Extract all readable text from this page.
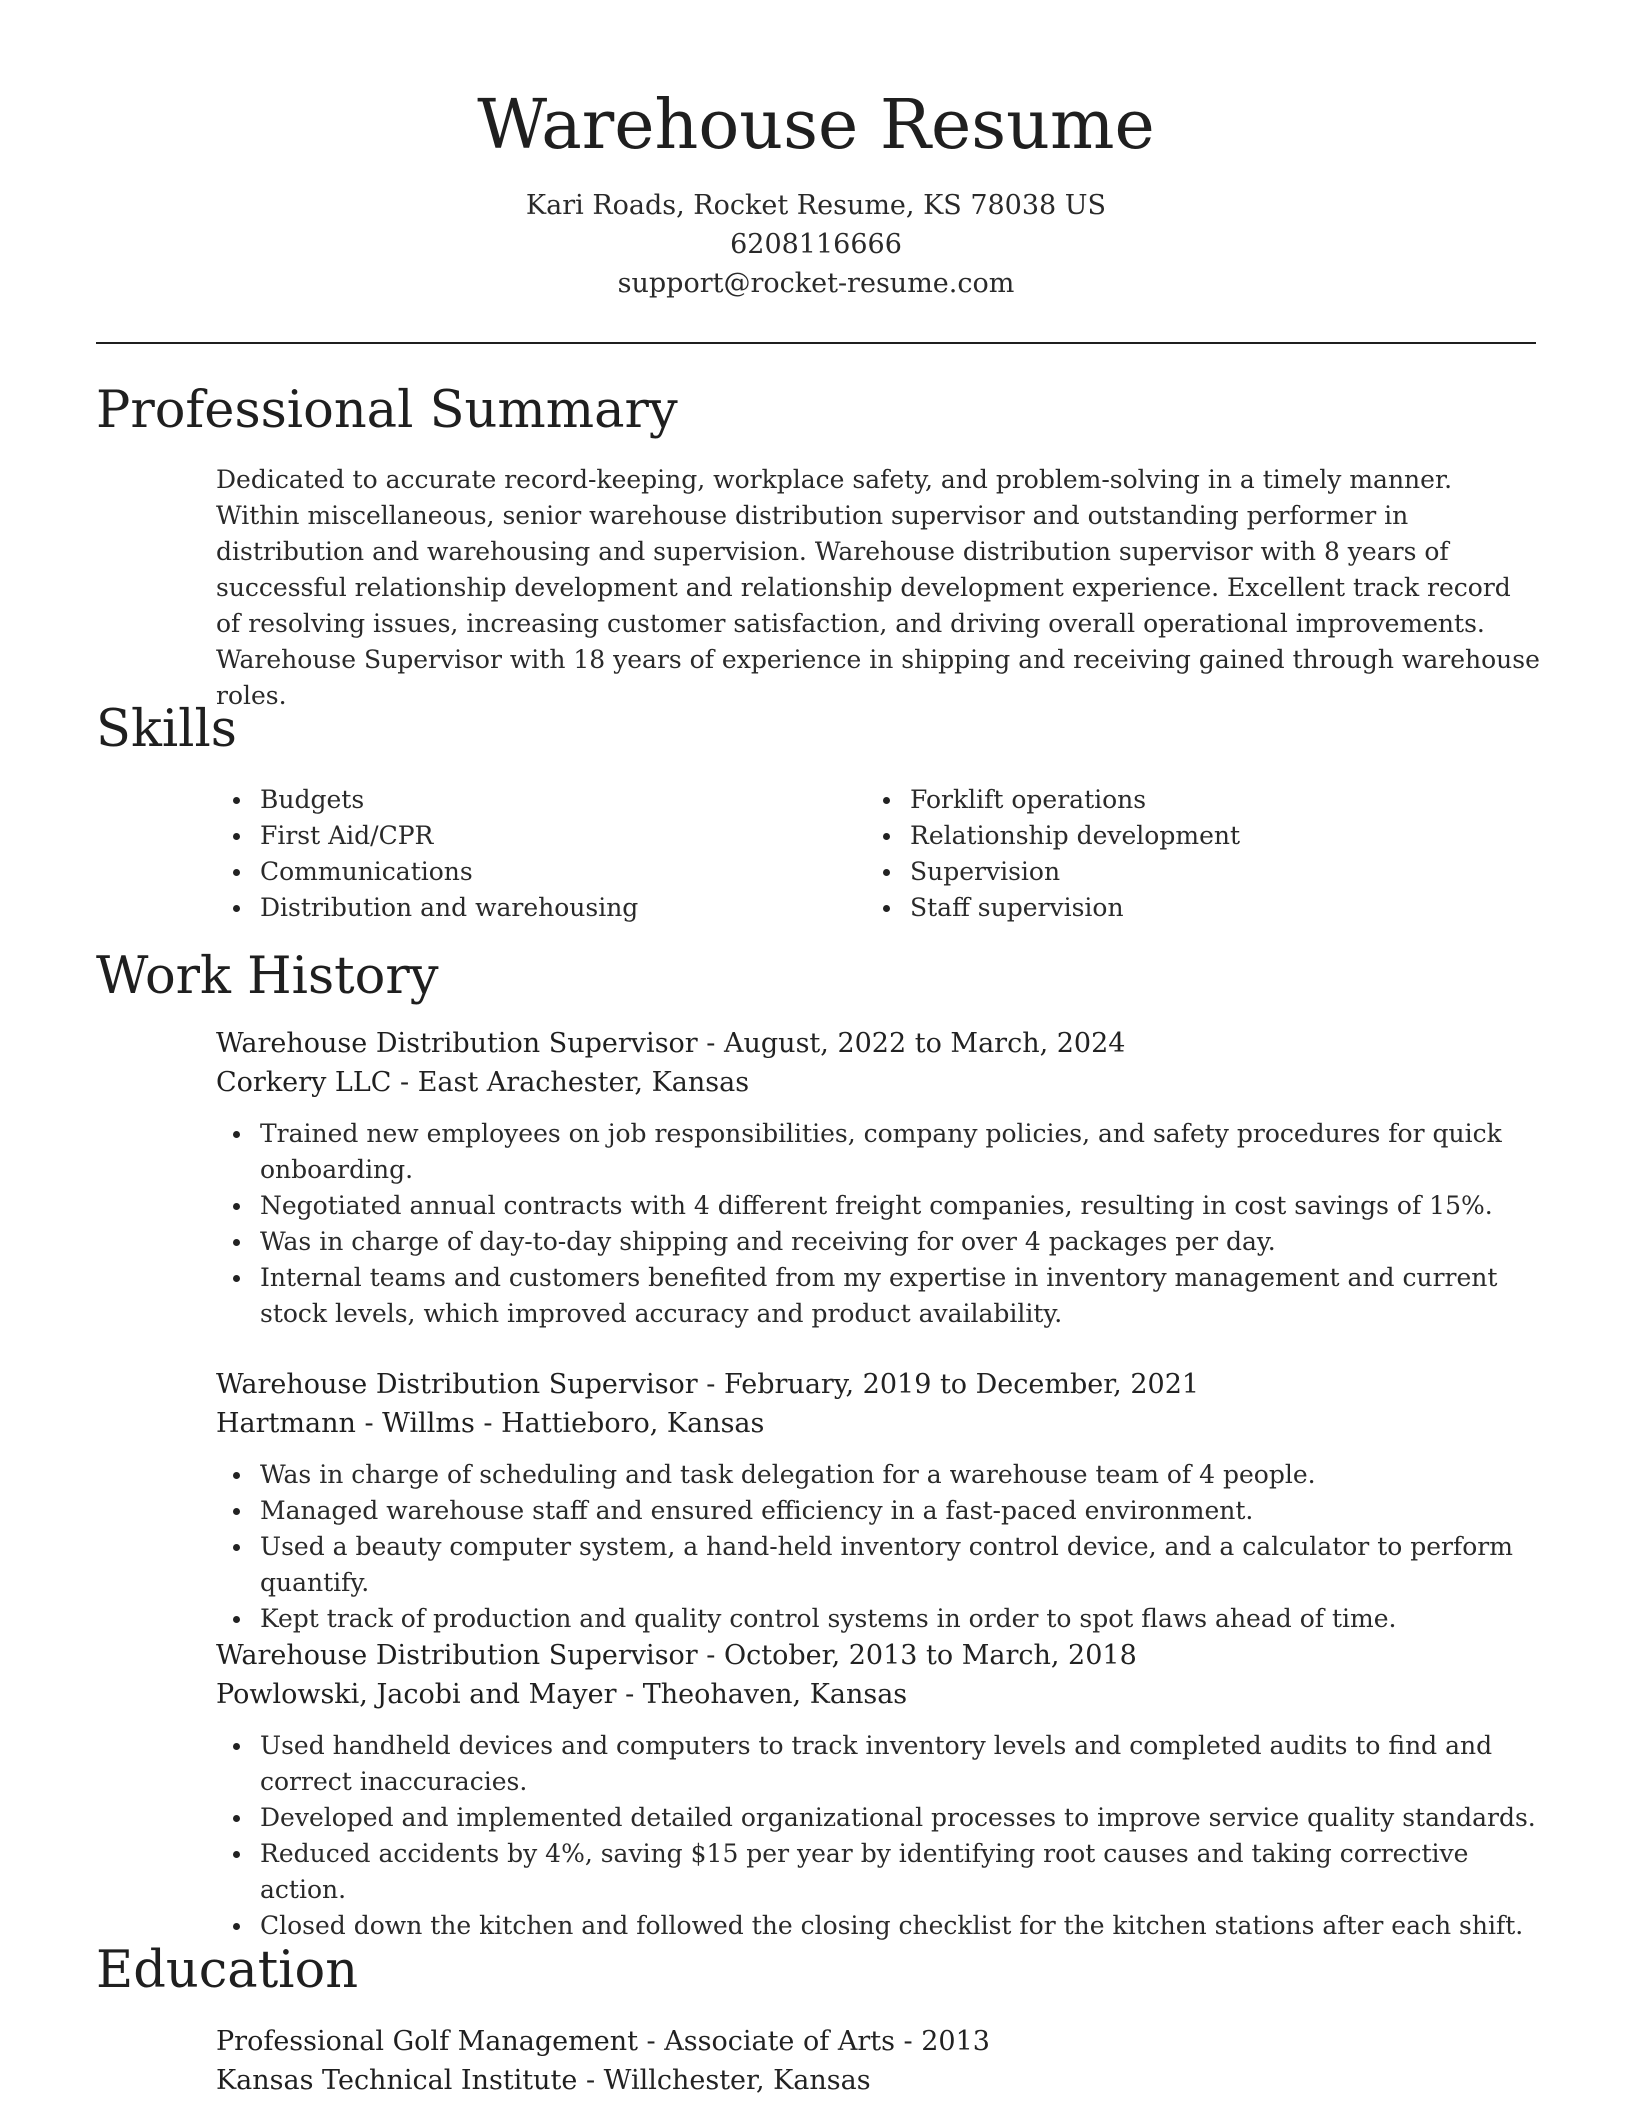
Warehouse Resume
Kari Roads, Rocket Resume, KS 78038 US
6208116666
support@rocket-resume.com
Professional Summary

Dedicated to accurate record-keeping, workplace safety, and problem-solving in a timely manner. Within miscellaneous, senior warehouse distribution supervisor and outstanding performer in distribution and warehousing and supervision. Warehouse distribution supervisor with 8 years of successful relationship development and relationship development experience. Excellent track record of resolving issues, increasing customer satisfaction, and driving overall operational improvements. Warehouse Supervisor with 18 years of experience in shipping and receiving gained through warehouse roles.

Skills
Budgets
First Aid/CPR
Communications
Distribution and warehousing
Forklift operations
Relationship development
Supervision
Staff supervision
Work History
Warehouse Distribution Supervisor - August, 2022 to March, 2024
Corkery LLC - East Arachester, Kansas
Trained new employees on job responsibilities, company policies, and safety procedures for quick onboarding.
Negotiated annual contracts with 4 different freight companies, resulting in cost savings of 15%.
Was in charge of day-to-day shipping and receiving for over 4 packages per day.
Internal teams and customers benefited from my expertise in inventory management and current stock levels, which improved accuracy and product availability.
Warehouse Distribution Supervisor - February, 2019 to December, 2021
Hartmann - Willms - Hattieboro, Kansas
Was in charge of scheduling and task delegation for a warehouse team of 4 people.
Managed warehouse staff and ensured efficiency in a fast-paced environment.
Used a beauty computer system, a hand-held inventory control device, and a calculator to perform quantify.
Kept track of production and quality control systems in order to spot flaws ahead of time.
Warehouse Distribution Supervisor - October, 2013 to March, 2018
Powlowski, Jacobi and Mayer - Theohaven, Kansas
Used handheld devices and computers to track inventory levels and completed audits to find and correct inaccuracies.
Developed and implemented detailed organizational processes to improve service quality standards.
Reduced accidents by 4%, saving $15 per year by identifying root causes and taking corrective action.
Closed down the kitchen and followed the closing checklist for the kitchen stations after each shift.
Education
Professional Golf Management - Associate of Arts - 2013
Kansas Technical Institute - Willchester, Kansas
